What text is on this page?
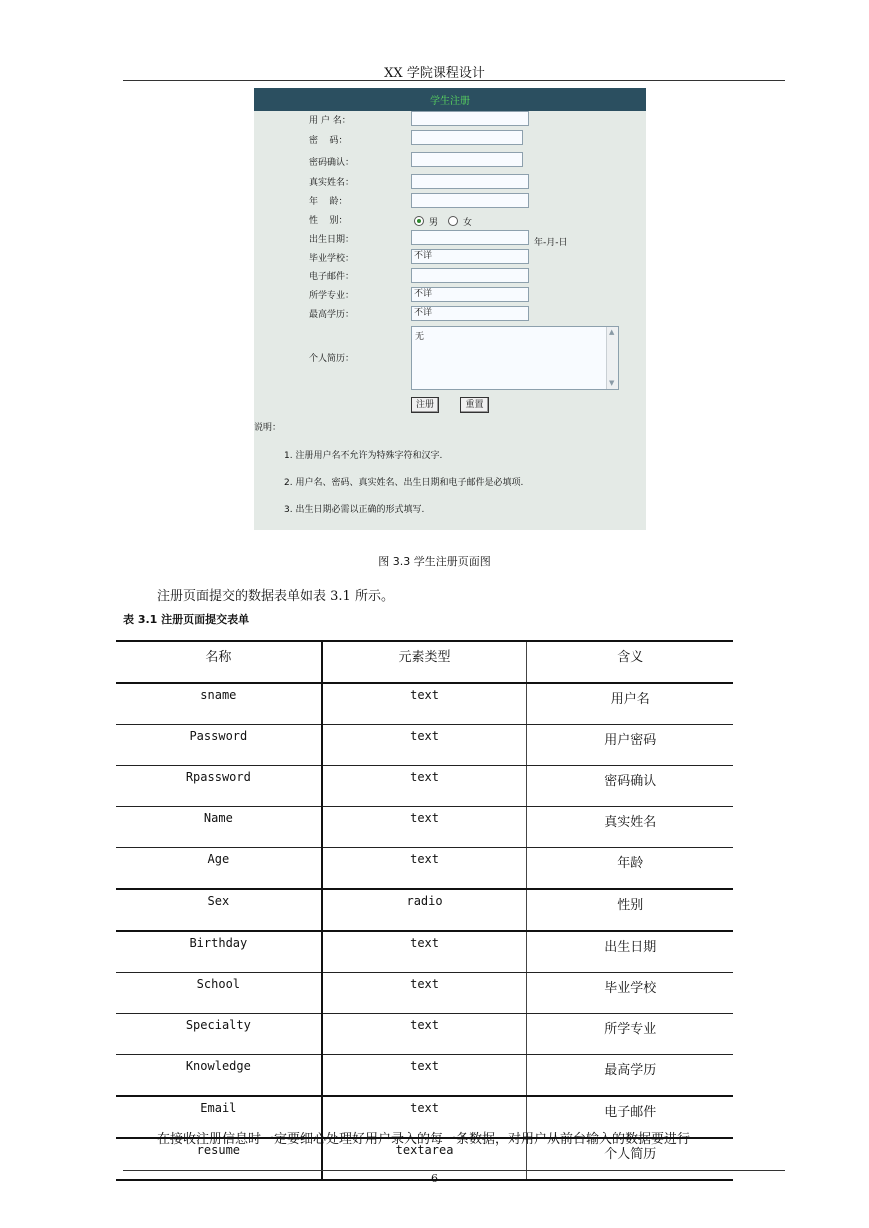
XX 学院课程设计
学生注册
用 户 名：
密    码：
密码确认：
真实姓名：
年    龄：
性    别：	男	女
出生日期：	年-月-日
毕业学校：	不详
电子邮件：
所学专业：	不详
最高学历：	不详
个人简历：
无	▲
▼
注册	重置
说明：
1. 注册用户名不允许为特殊字符和汉字.
2. 用户名、密码、真实姓名、出生日期和电子邮件是必填项.
3. 出生日期必需以正确的形式填写.
图 3.3 学生注册页面图
注册页面提交的数据表单如表 3.1 所示。
表 3.1 注册页面提交表单
名称	元素类型	含义
sname	text	用户名
Password	text	用户密码
Rpassword	text	密码确认
Name	text	真实姓名
Age	text	年龄
Sex	radio	性别
Birthday	text	出生日期
School	text	毕业学校
Specialty	text	所学专业
Knowledge	text	最高学历
Email	text	电子邮件
resume	textarea	个人简历
在接收注册信息时一定要细心处理好用户录入的每一条数据，对用户从前台输入的数据要进行
6
